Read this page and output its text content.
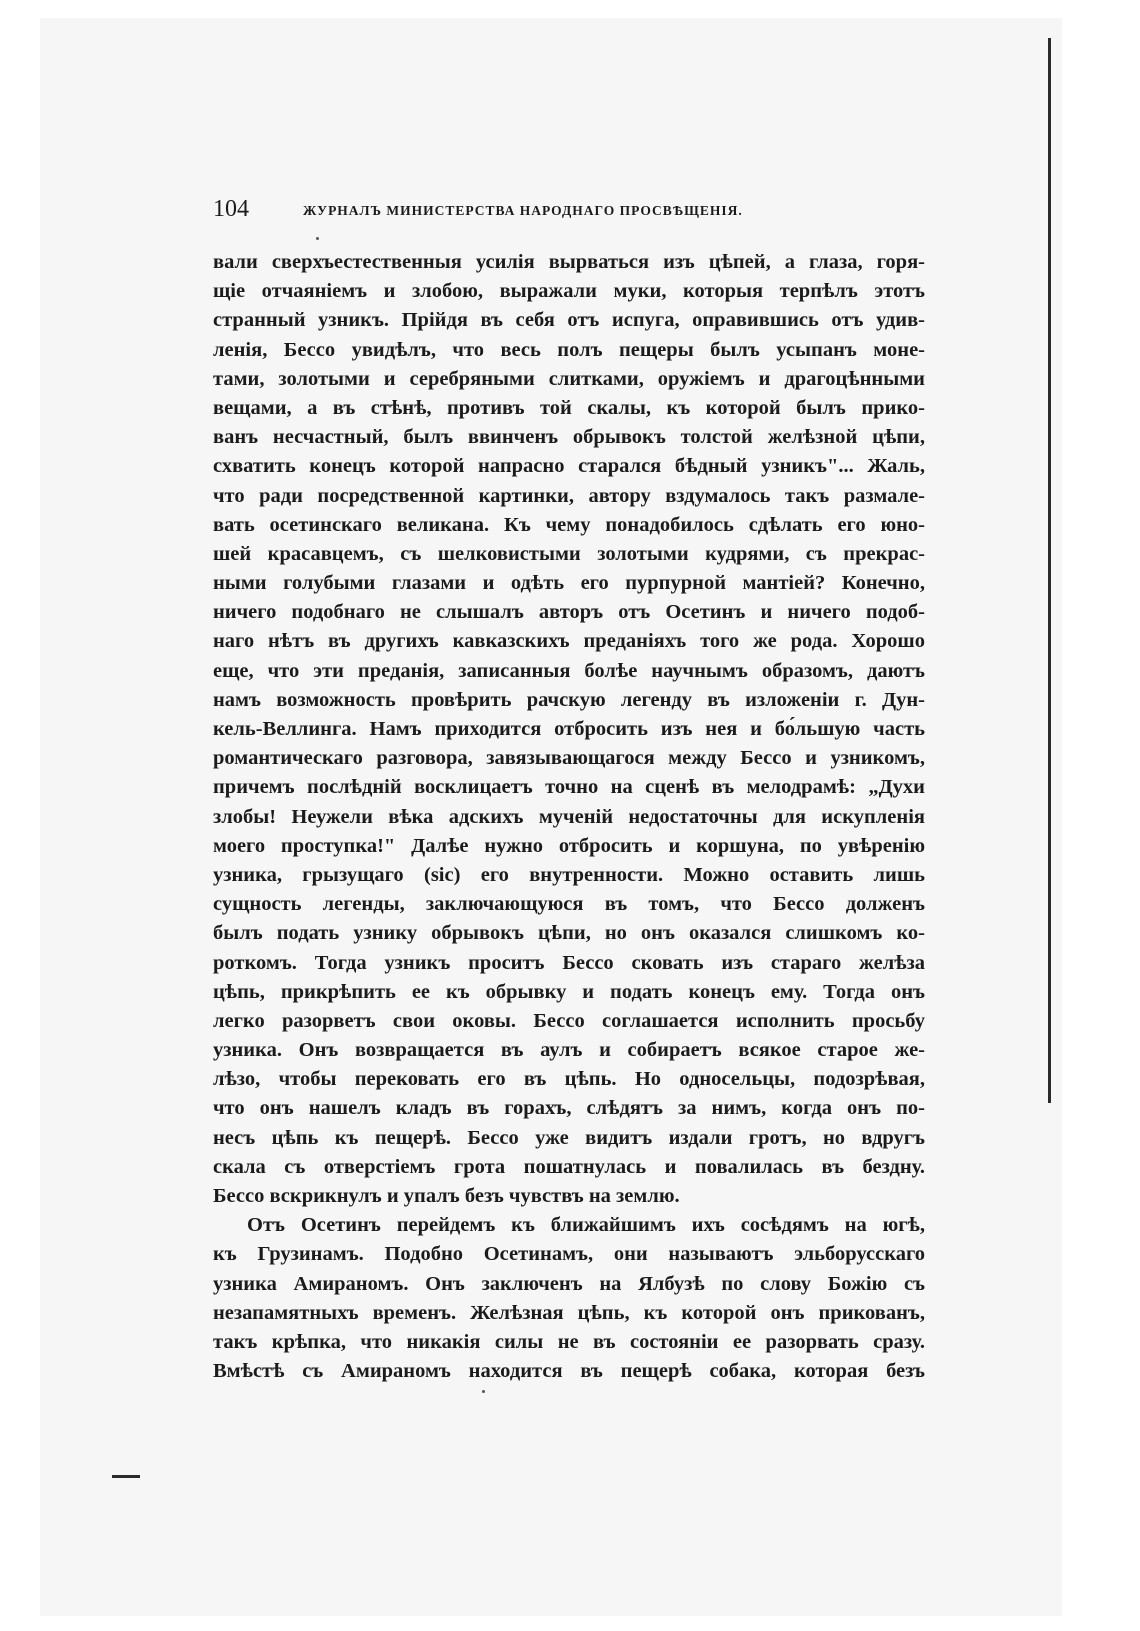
104	ЖУРНАЛЪ МИНИСТЕРСТВА НАРОДНАГО ПРОСВѢЩЕНІЯ.
вали сверхъестественныя усилія вырваться изъ цѣпей, а глаза, горя-
щіе отчаяніемъ и злобою, выражали муки, которыя терпѣлъ этотъ
странный узникъ. Прійдя въ себя отъ испуга, оправившись отъ удив-
ленія, Бессо увидѣлъ, что весь полъ пещеры былъ усыпанъ моне-
тами, золотыми и серебряными слитками, оружіемъ и драгоцѣнными
вещами, а въ стѣнѣ, противъ той скалы, къ которой былъ прико-
ванъ несчастный, былъ ввинченъ обрывокъ толстой желѣзной цѣпи,
схватить конецъ которой напрасно старался бѣдный узникъ"... Жаль,
что ради посредственной картинки, автору вздумалось такъ размале-
вать осетинскаго великана. Къ чему понадобилось сдѣлать его юно-
шей красавцемъ, съ шелковистыми золотыми кудрями, съ прекрас-
ными голубыми глазами и одѣть его пурпурной мантіей? Конечно,
ничего подобнаго не слышалъ авторъ отъ Осетинъ и ничего подоб-
наго нѣтъ въ другихъ кавказскихъ преданіяхъ того же рода. Хорошо
еще, что эти преданія, записанныя болѣе научнымъ образомъ, даютъ
намъ возможность провѣрить рачскую легенду въ изложеніи г. Дун-
кель-Веллинга. Намъ приходится отбросить изъ нея и бо́льшую часть
романтическаго разговора, завязывающагося между Бессо и узникомъ,
причемъ послѣдній восклицаетъ точно на сценѣ въ мелодрамѣ: „Духи
злобы! Неужели вѣка адскихъ мученій недостаточны для искупленія
моего проступка!" Далѣе нужно отбросить и коршуна, по увѣренію
узника, грызущаго (sic) его внутренности. Можно оставить лишь
сущность легенды, заключающуюся въ томъ, что Бессо долженъ
былъ подать узнику обрывокъ цѣпи, но онъ оказался слишкомъ ко-
роткомъ. Тогда узникъ проситъ Бессо сковать изъ стараго желѣза
цѣпь, прикрѣпить ее къ обрывку и подать конецъ ему. Тогда онъ
легко разорветъ свои оковы. Бессо соглашается исполнить просьбу
узника. Онъ возвращается въ аулъ и собираетъ всякое старое же-
лѣзо, чтобы перековать его въ цѣпь. Но односельцы, подозрѣвая,
что онъ нашелъ кладъ въ горахъ, слѣдятъ за нимъ, когда онъ по-
несъ цѣпь къ пещерѣ. Бессо уже видитъ издали гротъ, но вдругъ
скала съ отверстіемъ грота пошатнулась и повалилась въ бездну.
Бессо вскрикнулъ и упалъ безъ чувствъ на землю.
Отъ Осетинъ перейдемъ къ ближайшимъ ихъ сосѣдямъ на югѣ,
къ Грузинамъ. Подобно Осетинамъ, они называютъ эльборусскаго
узника Амираномъ. Онъ заключенъ на Ялбузѣ по слову Божію съ
незапамятныхъ временъ. Желѣзная цѣпь, къ которой онъ прикованъ,
такъ крѣпка, что никакія силы не въ состояніи ее разорвать сразу.
Вмѣстѣ съ Амираномъ находится въ пещерѣ собака, которая безъ
